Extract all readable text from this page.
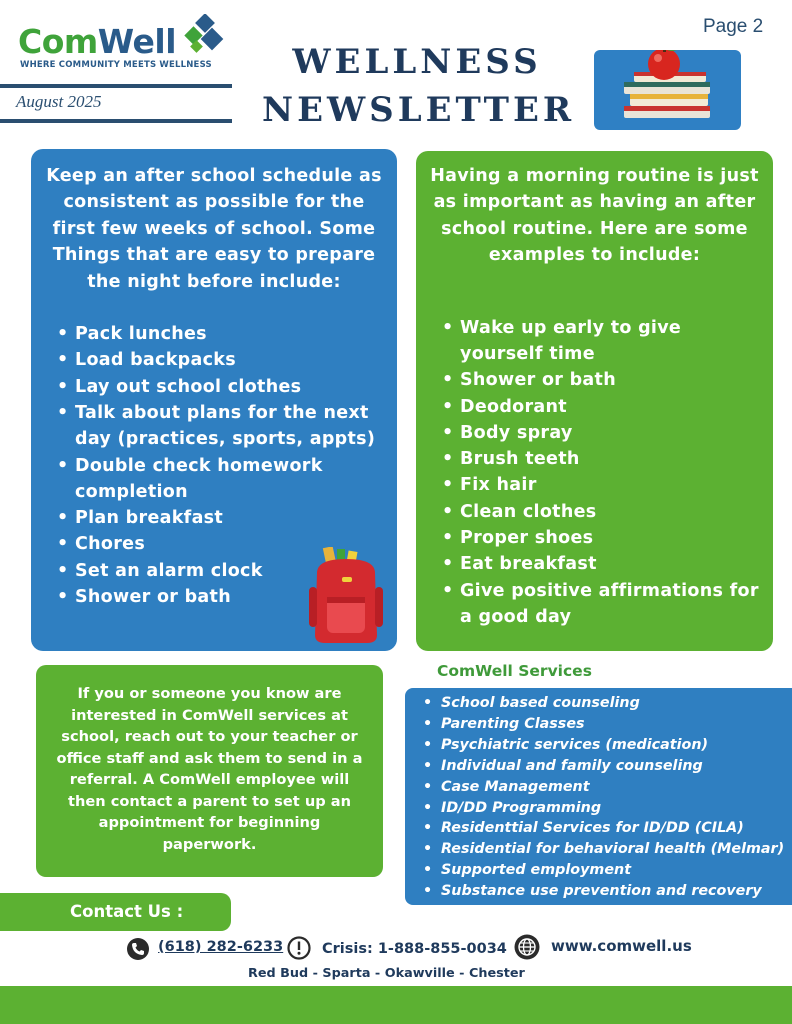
Page 2
ComWell
WHERE COMMUNITY MEETS WELLNESS
August 2025
WELLNESS
NEWSLETTER
Keep an after school schedule as consistent as possible for the first few weeks of school. Some Things that are easy to prepare the night before include:
• Pack lunches
• Load backpacks
• Lay out school clothes
• Talk about plans for the next day (practices, sports, appts)
• Double check homework completion
• Plan breakfast
• Chores
• Set an alarm clock
• Shower or bath
Having a morning routine is just as important as having an after school routine. Here are some examples to include:
• Wake up early to give yourself time
• Shower or bath
• Deodorant
• Body spray
• Brush teeth
• Fix hair
• Clean clothes
• Proper shoes
• Eat breakfast
• Give positive affirmations for a good day
If you or someone you know are interested in ComWell services at school, reach out to your teacher or office staff and ask them to send in a referral. A ComWell employee will then contact a parent to set up an appointment for beginning paperwork.
ComWell Services
• School based counseling
• Parenting Classes
• Psychiatric services (medication)
• Individual and family counseling
• Case Management
• ID/DD Programming
• Residenttial Services for ID/DD (CILA)
• Residential for behavioral health (Melmar)
• Supported employment
• Substance use prevention and recovery
Contact Us :
(618) 282-6233	Crisis: 1-888-855-0034	www.comwell.us
Red Bud - Sparta - Okawville - Chester
